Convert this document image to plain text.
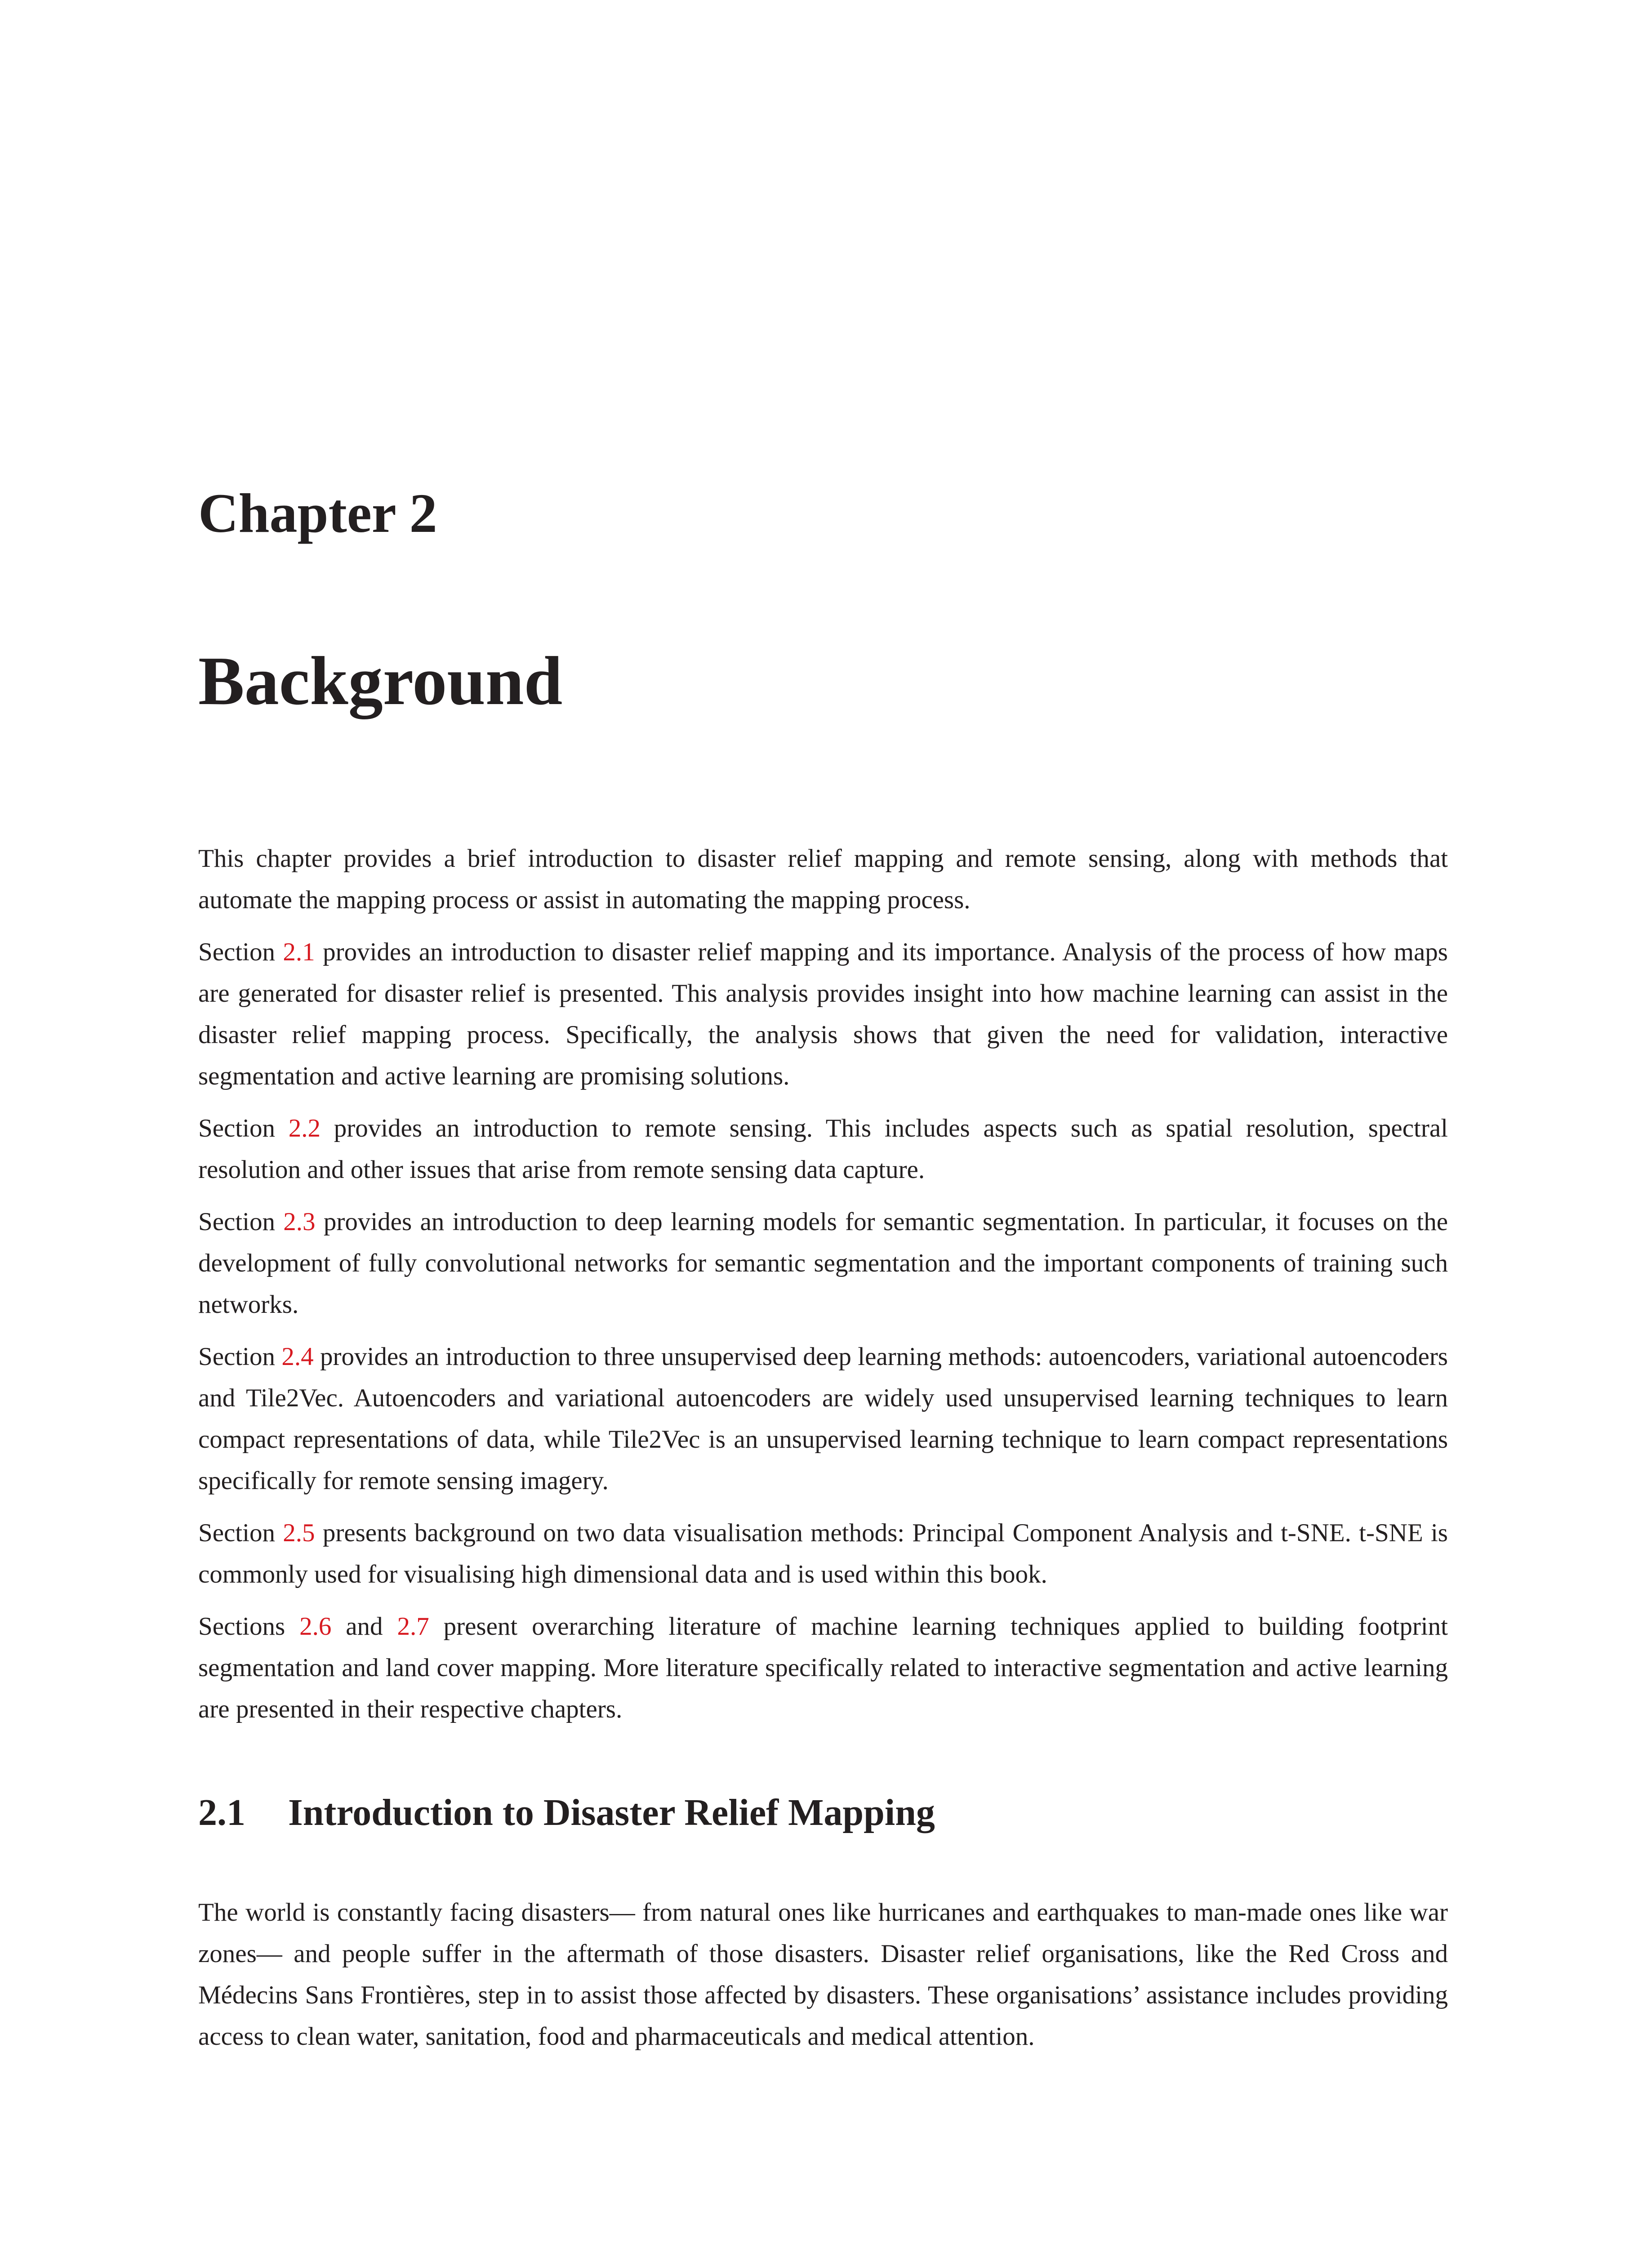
Chapter 2
Background

This chapter provides a brief introduction to disaster relief mapping and remote sensing, along with methods that automate the mapping process or assist in automating the mapping process.

Section 2.1 provides an introduction to disaster relief mapping and its importance. Analysis of the process of how maps are generated for disaster relief is presented. This analysis provides insight into how machine learning can assist in the disaster relief mapping process. Specifically, the analysis shows that given the need for validation, interactive segmentation and active learning are promising solutions.

Section 2.2 provides an introduction to remote sensing. This includes aspects such as spatial resolution, spectral resolution and other issues that arise from remote sensing data capture.

Section 2.3 provides an introduction to deep learning models for semantic segmentation. In particular, it focuses on the development of fully convolutional networks for semantic segmentation and the important components of training such networks.

Section 2.4 provides an introduction to three unsupervised deep learning methods: autoencoders, variational autoencoders and Tile2Vec. Autoencoders and variational autoencoders are widely used unsupervised learning techniques to learn compact representations of data, while Tile2Vec is an unsupervised learning technique to learn compact representations specifically for remote sensing imagery.

Section 2.5 presents background on two data visualisation methods: Principal Component Analysis and t-SNE. t-SNE is commonly used for visualising high dimensional data and is used within this book.

Sections 2.6 and 2.7 present overarching literature of machine learning techniques applied to building footprint segmentation and land cover mapping. More literature specifically related to interactive segmentation and active learning are presented in their respective chapters.

2.1 Introduction to Disaster Relief Mapping

The world is constantly facing disasters— from natural ones like hurricanes and earthquakes to man-made ones like war zones— and people suffer in the aftermath of those disasters. Disaster relief organisations, like the Red Cross and Médecins Sans Frontières, step in to assist those affected by disasters. These organisations’ assistance includes providing access to clean water, sanitation, food and pharmaceuticals and medical attention.
